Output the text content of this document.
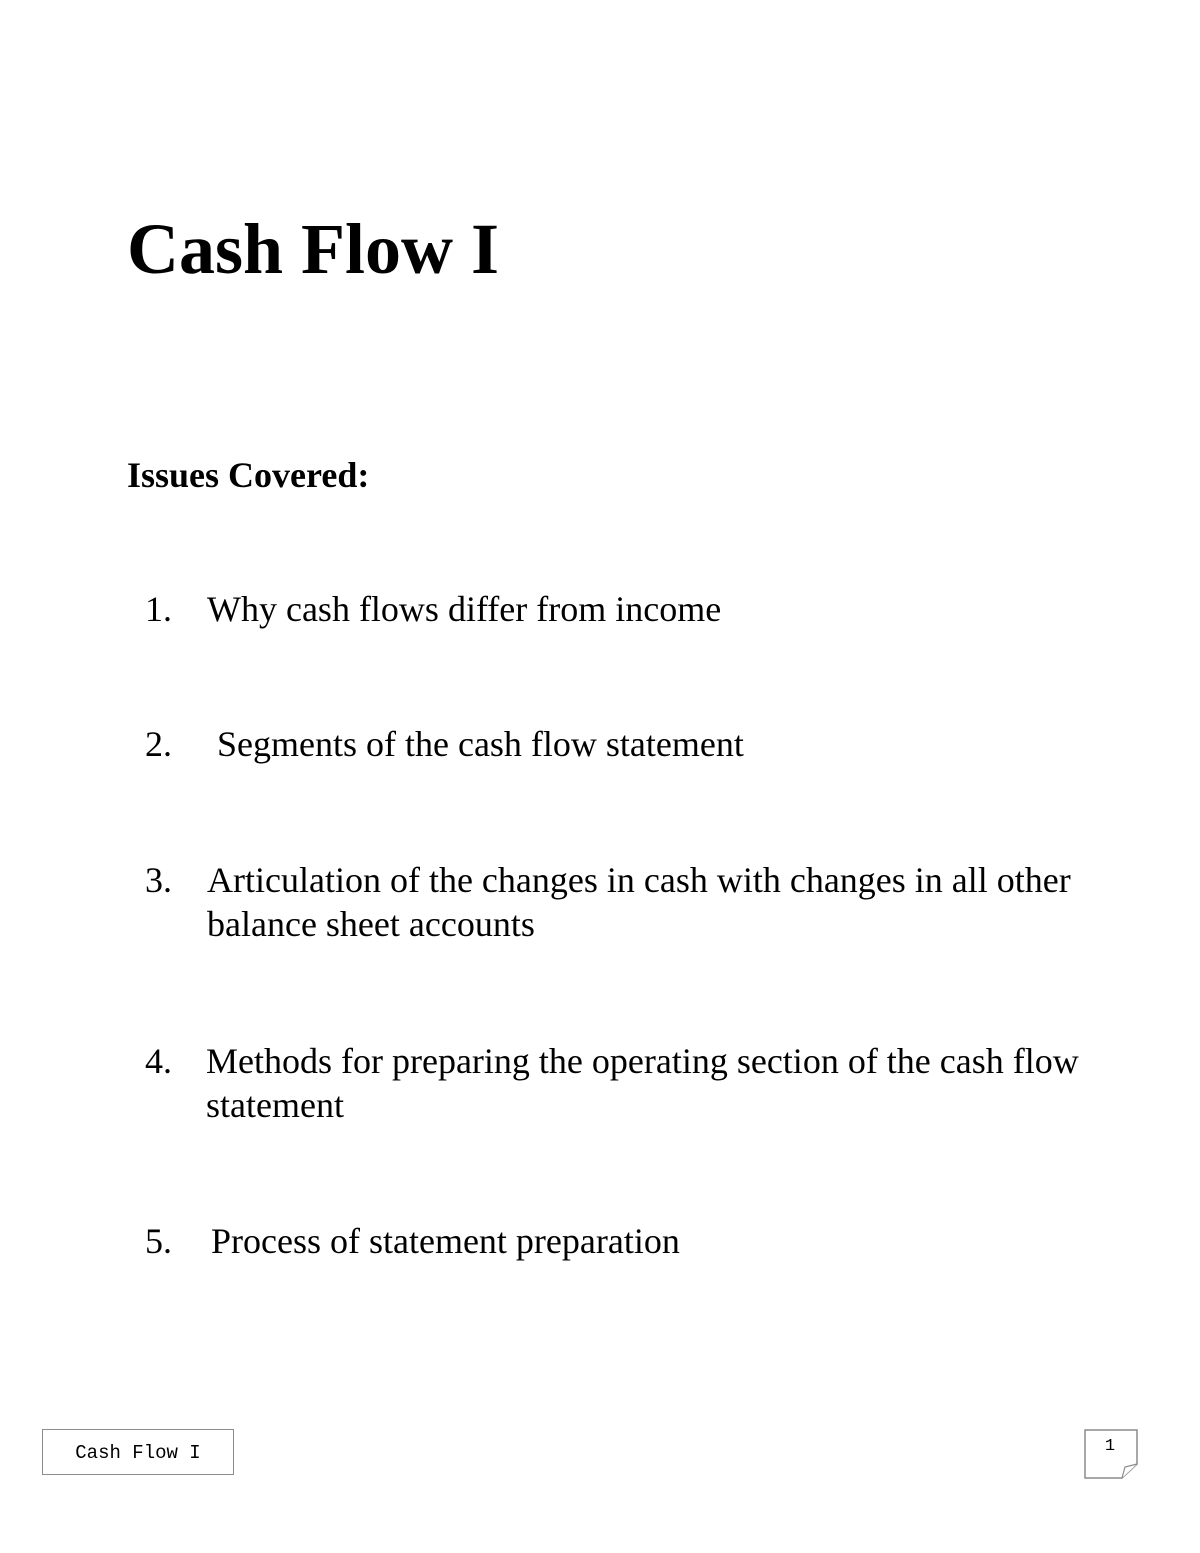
Cash Flow I
Issues Covered:
1. Why cash flows differ from income
2. Segments of the cash flow statement
3. Articulation of the changes in cash with changes in all other balance sheet accounts
4. Methods for preparing the operating section of the cash flow statement
5. Process of statement preparation
Cash Flow I	1
